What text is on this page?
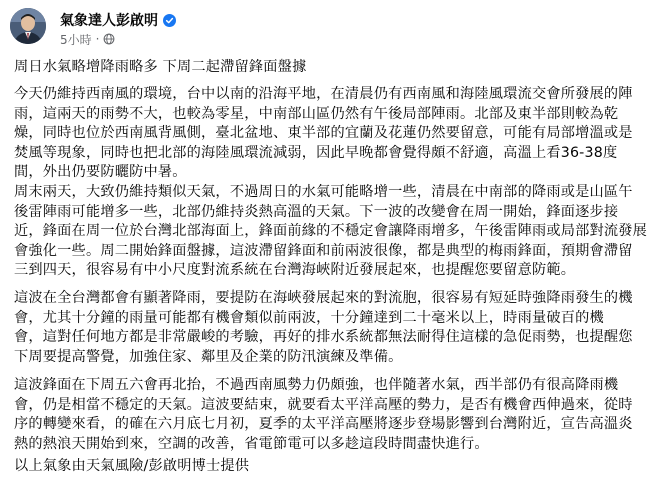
氣象達人彭啟明
5小時 ·

周日水氣略增降雨略多 下周二起滯留鋒面盤據

今天仍維持西南風的環境，台中以南的沿海平地，在清晨仍有西南風和海陸風環流交會所發展的陣
雨，這兩天的雨勢不大，也較為零星，中南部山區仍然有午後局部陣雨。北部及東半部則較為乾
燥，同時也位於西南風背風側，臺北盆地、東半部的宜蘭及花蓮仍然要留意，可能有局部增溫或是
焚風等現象，同時也把北部的海陸風環流減弱，因此早晚都會覺得頗不舒適，高溫上看36-38度
間，外出仍要防曬防中暑。

周末兩天，大致仍維持類似天氣，不過周日的水氣可能略增一些，清晨在中南部的降雨或是山區午
後雷陣雨可能增多一些，北部仍維持炎熱高溫的天氣。下一波的改變會在周一開始，鋒面逐步接
近，鋒面在周一位於台灣北部海面上，鋒面前緣的不穩定會讓降雨增多，午後雷陣雨或局部對流發展
會強化一些。周二開始鋒面盤據，這波滯留鋒面和前兩波很像，都是典型的梅雨鋒面，預期會滯留
三到四天，很容易有中小尺度對流系統在台灣海峽附近發展起來，也提醒您要留意防範。

這波在全台灣都會有顯著降雨，要提防在海峽發展起來的對流胞，很容易有短延時強降雨發生的機
會，尤其十分鐘的雨量可能都有機會類似前兩波，十分鐘達到二十毫米以上，時雨量破百的機
會，這對任何地方都是非常嚴峻的考驗，再好的排水系統都無法耐得住這樣的急促雨勢，也提醒您
下周要提高警覺，加強住家、鄰里及企業的防汛演練及準備。

這波鋒面在下周五六會再北抬，不過西南風勢力仍頗強，也伴隨著水氣，西半部仍有很高降雨機
會，仍是相當不穩定的天氣。這波要結束，就要看太平洋高壓的勢力，是否有機會西伸過來，從時
序的轉變來看，的確在六月底七月初，夏季的太平洋高壓將逐步登場影響到台灣附近，宣告高溫炎
熱的熱浪天開始到來，空調的改善，省電節電可以多趁這段時間盡快進行。

以上氣象由天氣風險/彭啟明博士提供
